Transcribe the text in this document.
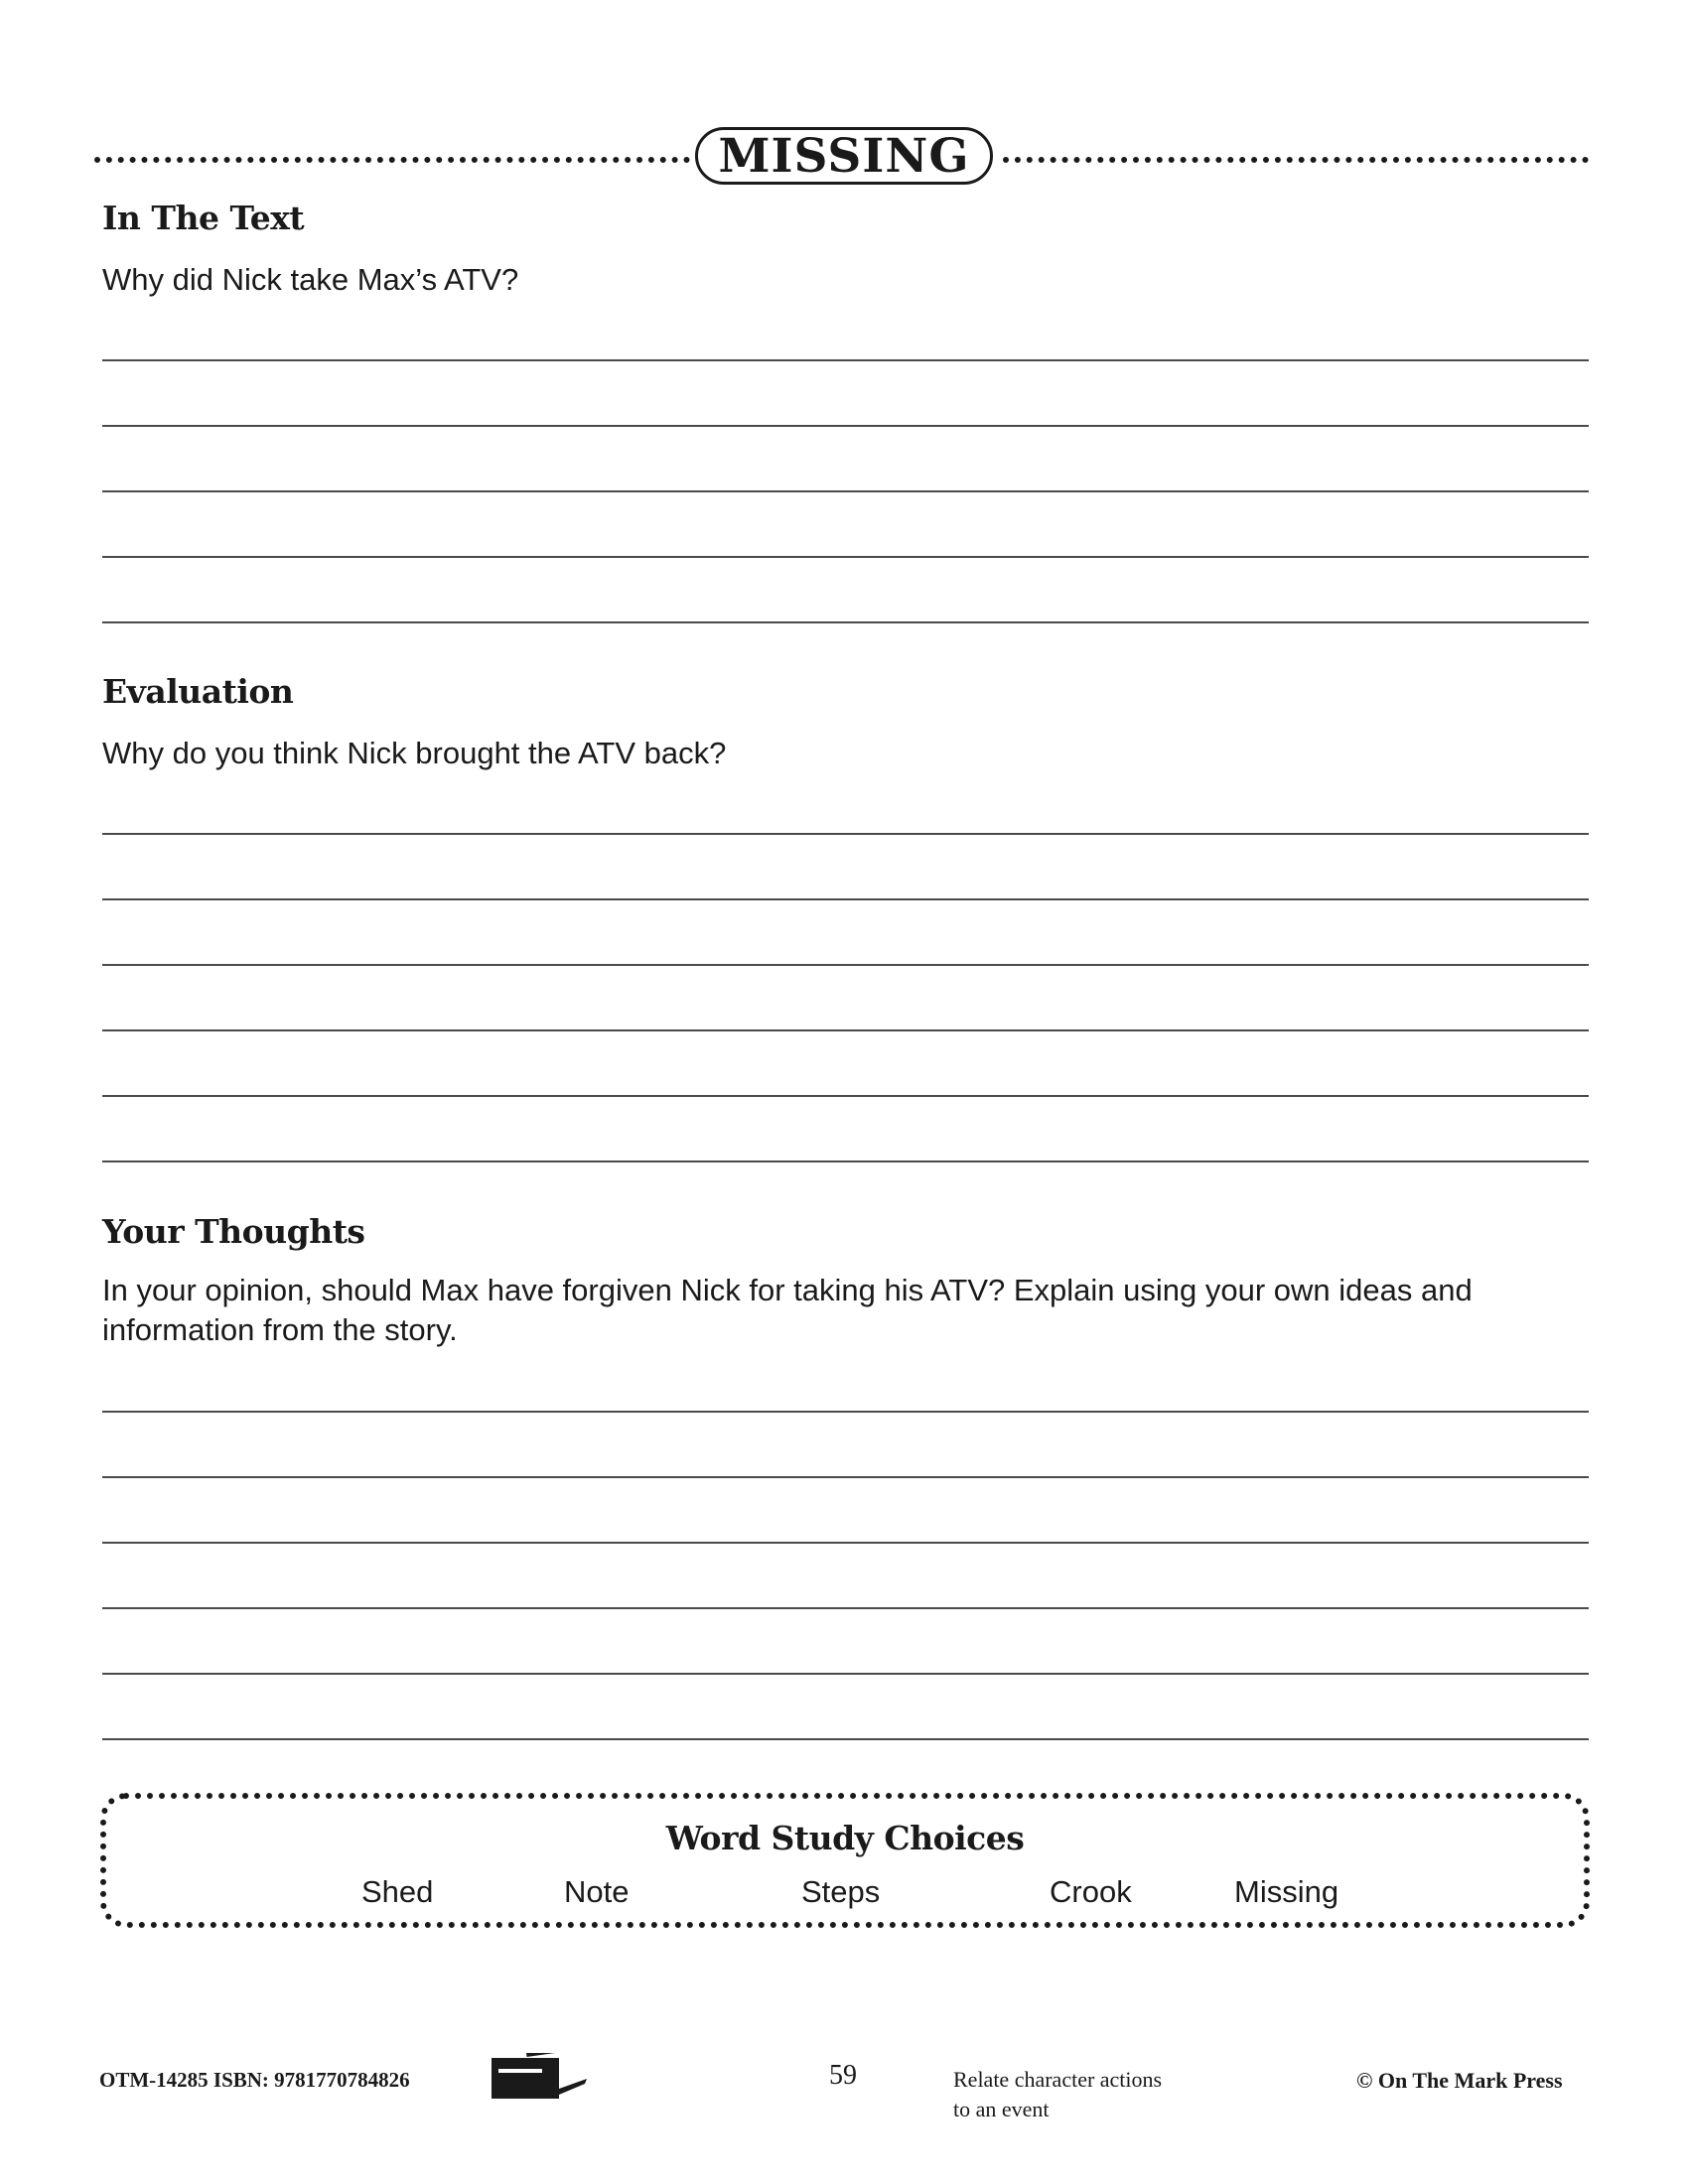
MISSING
In The Text
Why did Nick take Max’s ATV?
Evaluation
Why do you think Nick brought the ATV back?
Your Thoughts
In your opinion, should Max have forgiven Nick for taking his ATV? Explain using your own ideas and information from the story.
Word Study Choices
Shed	Note	Steps	Crook	Missing
OTM-14285 ISBN: 9781770784826	59	Relate character actions
to an event
© On The Mark Press
